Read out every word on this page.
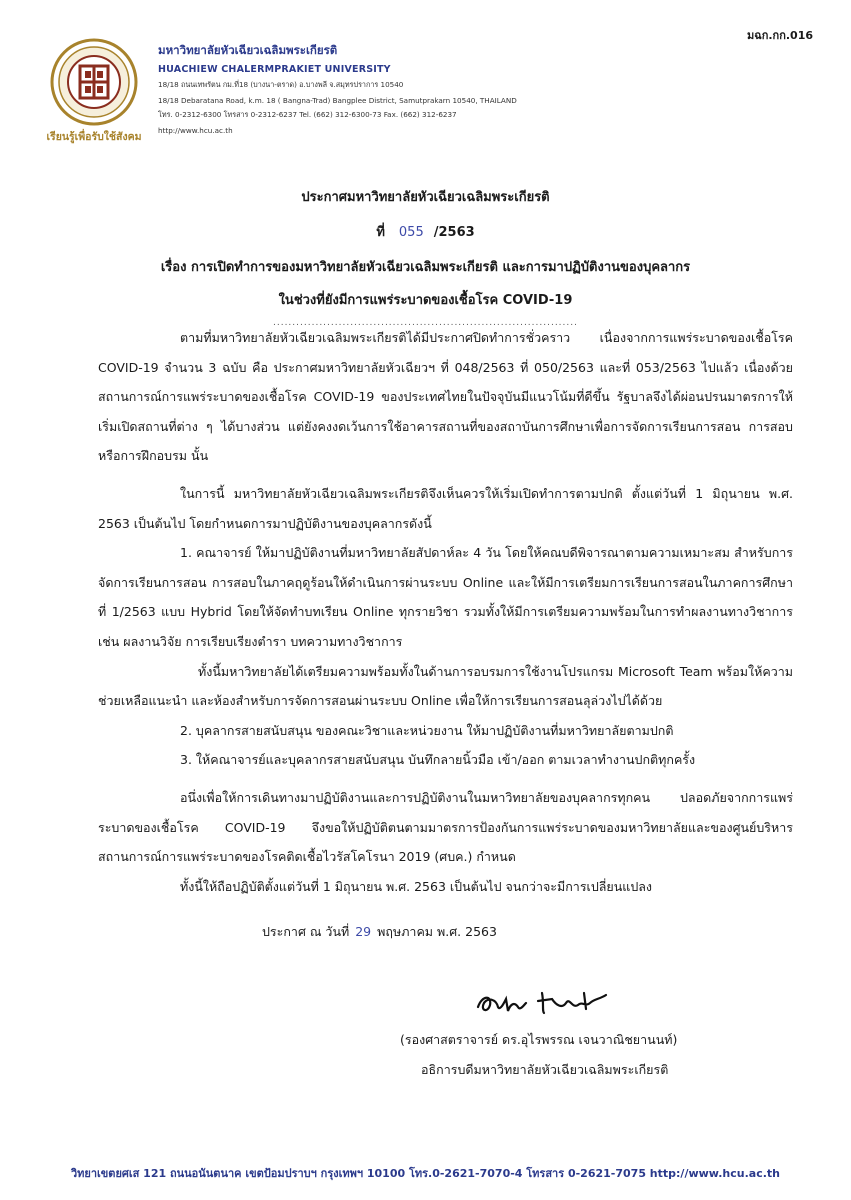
มฉก.กก.016
เรียนรู้เพื่อรับใช้สังคม
มหาวิทยาลัยหัวเฉียวเฉลิมพระเกียรติ
HUACHIEW CHALERMPRAKIET UNIVERSITY
18/18 ถนนเทพรัตน กม.ที่18 (บางนา-ตราด) อ.บางพลี จ.สมุทรปราการ 10540
18/18 Debaratana Road, k.m. 18 ( Bangna-Trad) Bangplee District, Samutprakarn 10540, THAILAND
โทร. 0-2312-6300 โทรสาร 0-2312-6237 Tel. (662) 312-6300-73 Fax. (662) 312-6237
http://www.hcu.ac.th
ประกาศมหาวิทยาลัยหัวเฉียวเฉลิมพระเกียรติ
ที่ 055 /2563
เรื่อง การเปิดทำการของมหาวิทยาลัยหัวเฉียวเฉลิมพระเกียรติ และการมาปฏิบัติงานของบุคลากร
ในช่วงที่ยังมีการแพร่ระบาดของเชื้อโรค COVID-19
...............................................................................

ตามที่มหาวิทยาลัยหัวเฉียวเฉลิมพระเกียรติได้มีประกาศปิดทำการชั่วคราว เนื่องจากการแพร่ระบาดของเชื้อโรค COVID-19 จำนวน 3 ฉบับ คือ ประกาศมหาวิทยาลัยหัวเฉียวฯ ที่ 048/2563 ที่ 050/2563 และที่ 053/2563 ไปแล้ว เนื่องด้วยสถานการณ์การแพร่ระบาดของเชื้อโรค COVID-19 ของประเทศไทยในปัจจุบันมีแนวโน้มที่ดีขึ้น รัฐบาลจึงได้ผ่อนปรนมาตรการให้เริ่มเปิดสถานที่ต่าง ๆ ได้บางส่วน แต่ยังคงงดเว้นการใช้อาคารสถานที่ของสถาบันการศึกษาเพื่อการจัดการเรียนการสอน การสอบ หรือการฝึกอบรม นั้น

ในการนี้ มหาวิทยาลัยหัวเฉียวเฉลิมพระเกียรติจึงเห็นควรให้เริ่มเปิดทำการตามปกติ ตั้งแต่วันที่ 1 มิถุนายน พ.ศ. 2563 เป็นต้นไป โดยกำหนดการมาปฏิบัติงานของบุคลากรดังนี้

1. คณาจารย์ ให้มาปฏิบัติงานที่มหาวิทยาลัยสัปดาห์ละ 4 วัน โดยให้คณบดีพิจารณาตามความเหมาะสม สำหรับการจัดการเรียนการสอน การสอบในภาคฤดูร้อนให้ดำเนินการผ่านระบบ Online และให้มีการเตรียมการเรียนการสอนในภาคการศึกษาที่ 1/2563 แบบ Hybrid โดยให้จัดทำบทเรียน Online ทุกรายวิชา รวมทั้งให้มีการเตรียมความพร้อมในการทำผลงานทางวิชาการ เช่น ผลงานวิจัย การเรียบเรียงตำรา บทความทางวิชาการ

ทั้งนี้มหาวิทยาลัยได้เตรียมความพร้อมทั้งในด้านการอบรมการใช้งานโปรแกรม Microsoft Team พร้อมให้ความช่วยเหลือแนะนำ และห้องสำหรับการจัดการสอนผ่านระบบ Online เพื่อให้การเรียนการสอนลุล่วงไปได้ด้วย

2. บุคลากรสายสนับสนุน ของคณะวิชาและหน่วยงาน ให้มาปฏิบัติงานที่มหาวิทยาลัยตามปกติ

3. ให้คณาจารย์และบุคลากรสายสนับสนุน บันทึกลายนิ้วมือ เข้า/ออก ตามเวลาทำงานปกติทุกครั้ง

อนึ่งเพื่อให้การเดินทางมาปฏิบัติงานและการปฏิบัติงานในมหาวิทยาลัยของบุคลากรทุกคน ปลอดภัยจากการแพร่ระบาดของเชื้อโรค COVID-19 จึงขอให้ปฏิบัติตนตามมาตรการป้องกันการแพร่ระบาดของมหาวิทยาลัยและของศูนย์บริหารสถานการณ์การแพร่ระบาดของโรคติดเชื้อไวรัสโคโรนา 2019 (ศบค.) กำหนด

ทั้งนี้ให้ถือปฏิบัติตั้งแต่วันที่ 1 มิถุนายน พ.ศ. 2563 เป็นต้นไป จนกว่าจะมีการเปลี่ยนแปลง

ประกาศ ณ วันที่ 29 พฤษภาคม พ.ศ. 2563
(รองศาสตราจารย์ ดร.อุไรพรรณ เจนวาณิชยานนท์)
อธิการบดีมหาวิทยาลัยหัวเฉียวเฉลิมพระเกียรติ
วิทยาเขตยศเส 121 ถนนอนันตนาค เขตป้อมปราบฯ กรุงเทพฯ 10100 โทร.0-2621-7070-4 โทรสาร 0-2621-7075 http://www.hcu.ac.th
